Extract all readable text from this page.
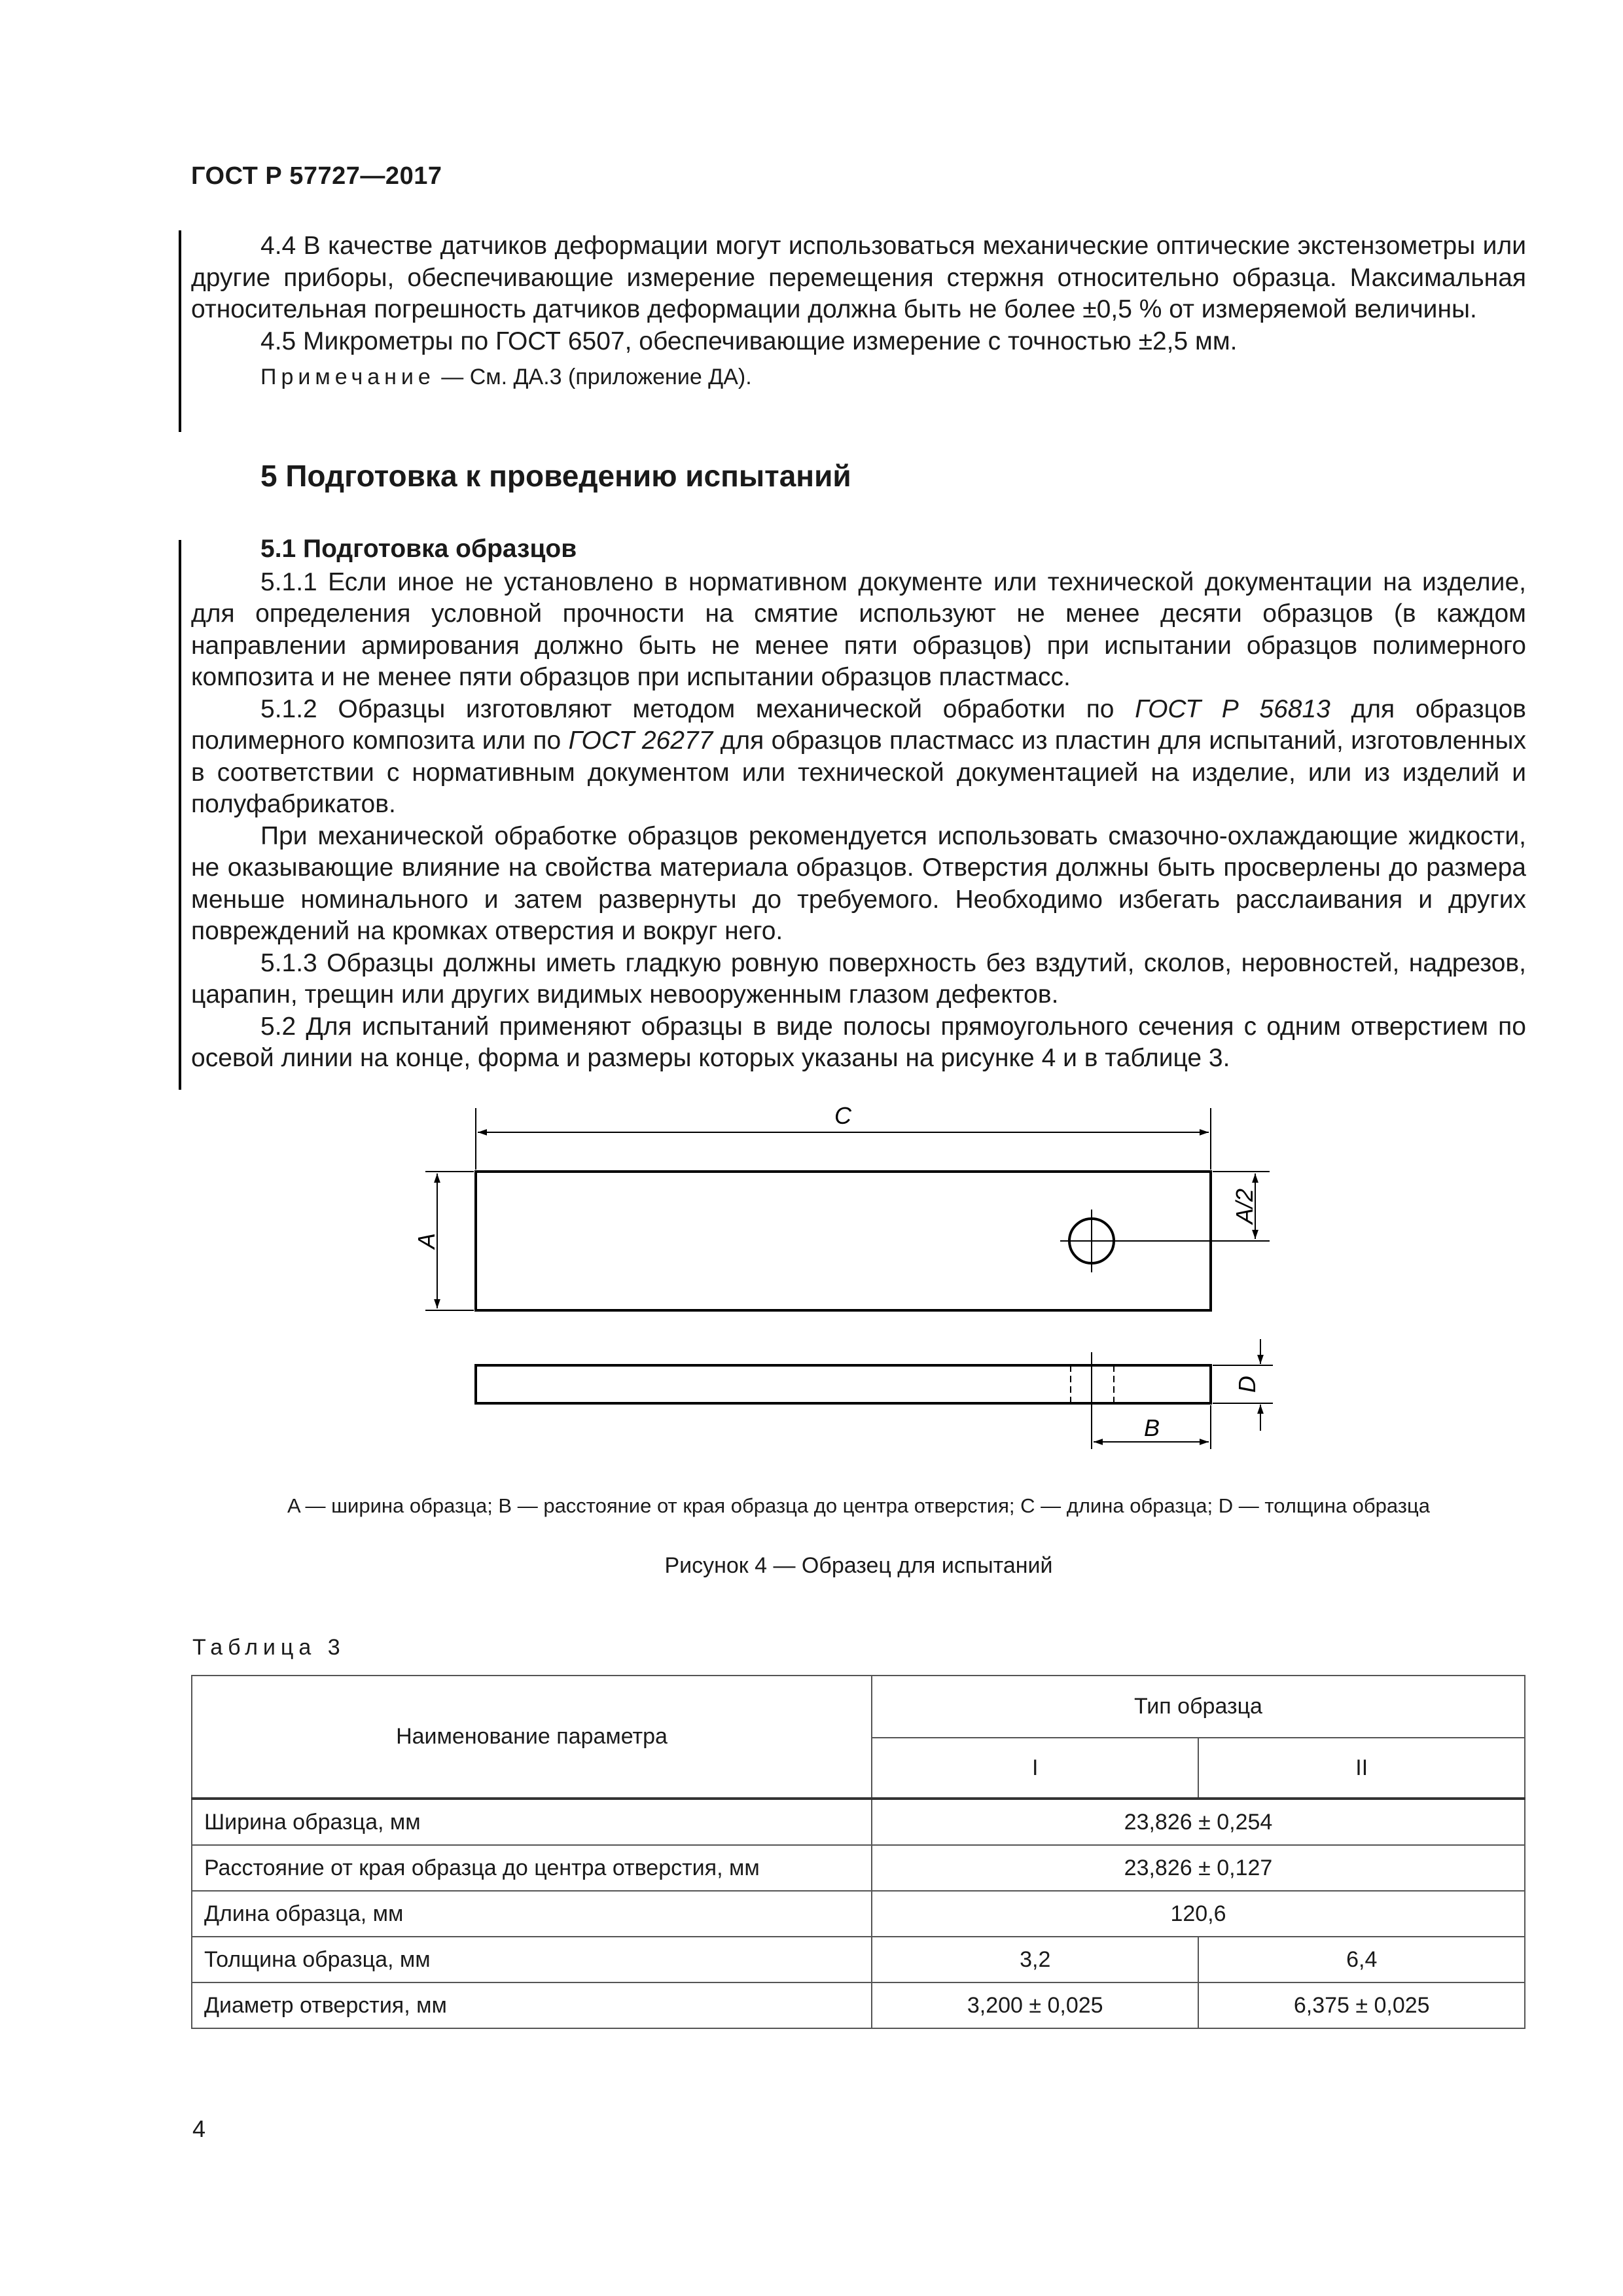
ГОСТ Р 57727—2017

4.4 В качестве датчиков деформации могут использоваться механические оптические экстензометры или другие приборы, обеспечивающие измерение перемещения стержня относительно образца. Максимальная относительная погрешность датчиков деформации должна быть не более ±0,5 % от измеряемой величины.

4.5 Микрометры по ГОСТ 6507, обеспечивающие измерение с точностью ±2,5 мм.

Примечание — См. ДА.3 (приложение ДА).

5 Подготовка к проведению испытаний

5.1 Подготовка образцов

5.1.1 Если иное не установлено в нормативном документе или технической документации на изделие, для определения условной прочности на смятие используют не менее десяти образцов (в каждом направлении армирования должно быть не менее пяти образцов) при испытании образцов полимерного композита и не менее пяти образцов при испытании образцов пластмасс.

5.1.2 Образцы изготовляют методом механической обработки по ГОСТ Р 56813 для образцов полимерного композита или по ГОСТ 26277 для образцов пластмасс из пластин для испытаний, изготовленных в соответствии с нормативным документом или технической документацией на изделие, или из изделий и полуфабрикатов.

При механической обработке образцов рекомендуется использовать смазочно-охлаждающие жидкости, не оказывающие влияние на свойства материала образцов. Отверстия должны быть просверлены до размера меньше номинального и затем развернуты до требуемого. Необходимо избегать расслаивания и других повреждений на кромках отверстия и вокруг него.

5.1.3 Образцы должны иметь гладкую ровную поверхность без вздутий, сколов, неровностей, надрезов, царапин, трещин или других видимых невооруженным глазом дефектов.

5.2 Для испытаний применяют образцы в виде полосы прямоугольного сечения с одним отверстием по осевой линии на конце, форма и размеры которых указаны на рисунке 4 и в таблице 3.

C
A
A/2
B
D
A — ширина образца; B — расстояние от края образца до центра отверстия; C — длина образца; D — толщина образца
Рисунок 4 — Образец для испытаний
Таблица 3
Наименование параметра	Тип образца	
	I	II
Ширина образца, мм	23,826 ± 0,254	
Расстояние от края образца до центра отверстия, мм	23,826 ± 0,127	
Длина образца, мм	120,6	
Толщина образца, мм	3,2	6,4
Диаметр отверстия, мм	3,200 ± 0,025	6,375 ± 0,025
4
